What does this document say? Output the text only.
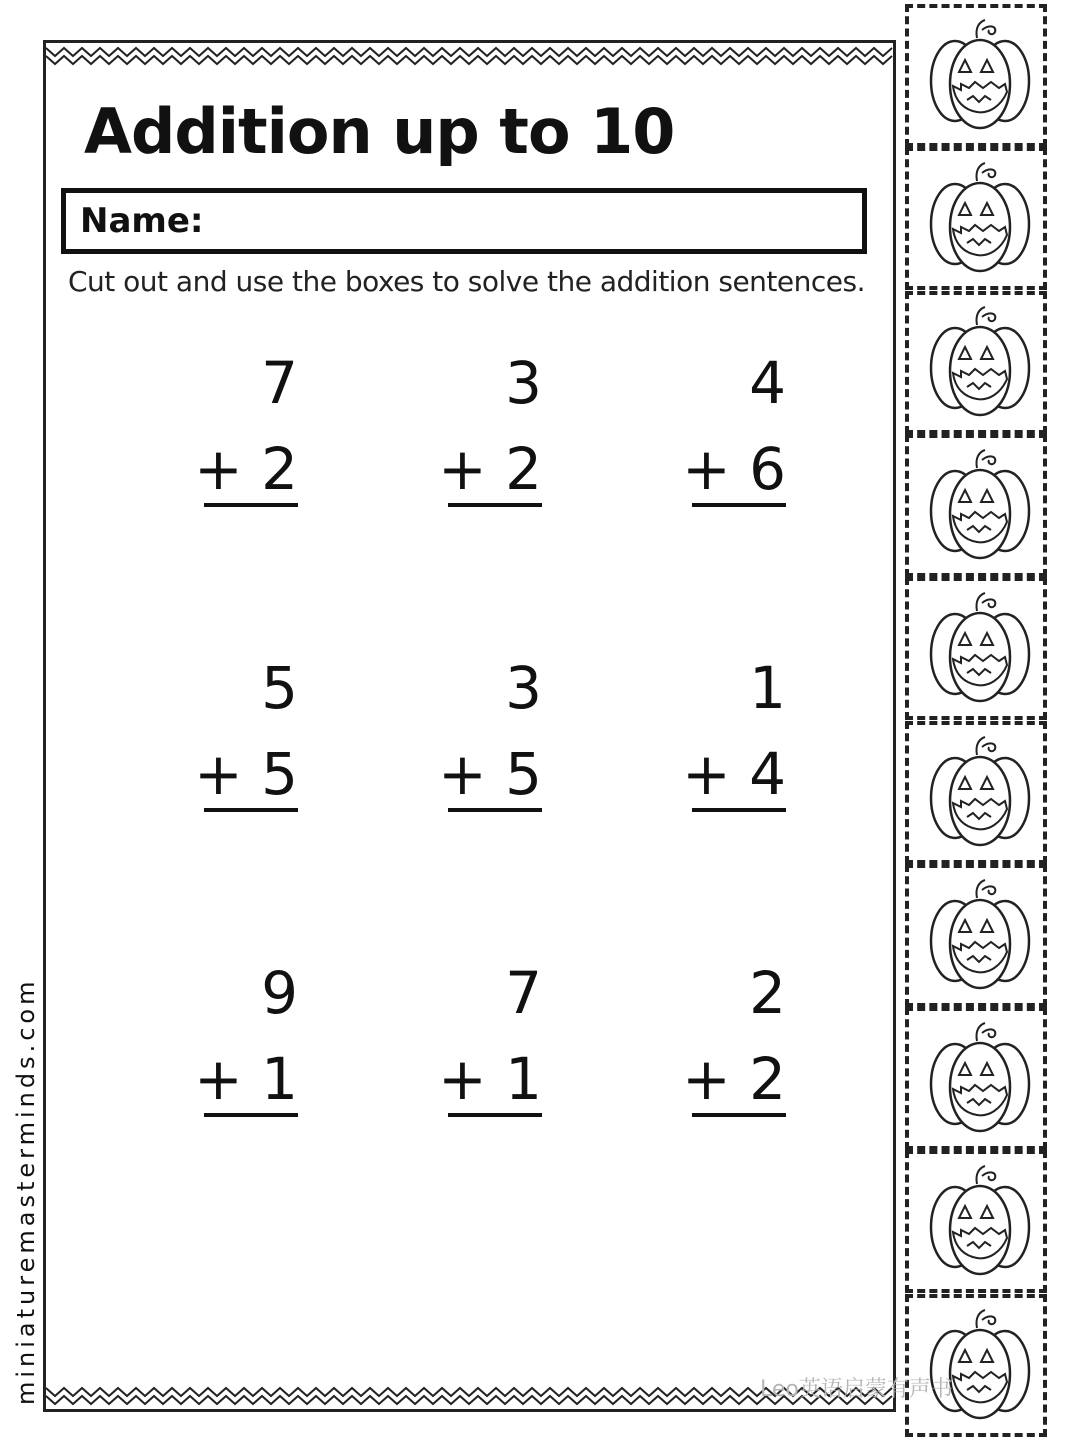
Addition up to 10
Name:
Cut out and use the boxes to solve the addition sentences.
7
+ 2
3
+ 2
4
+ 6
5
+ 5
3
+ 5
1
+ 4
9
+ 1
7
+ 1
2
+ 2
miniaturemasterminds.com	Leo英语启蒙有声书
